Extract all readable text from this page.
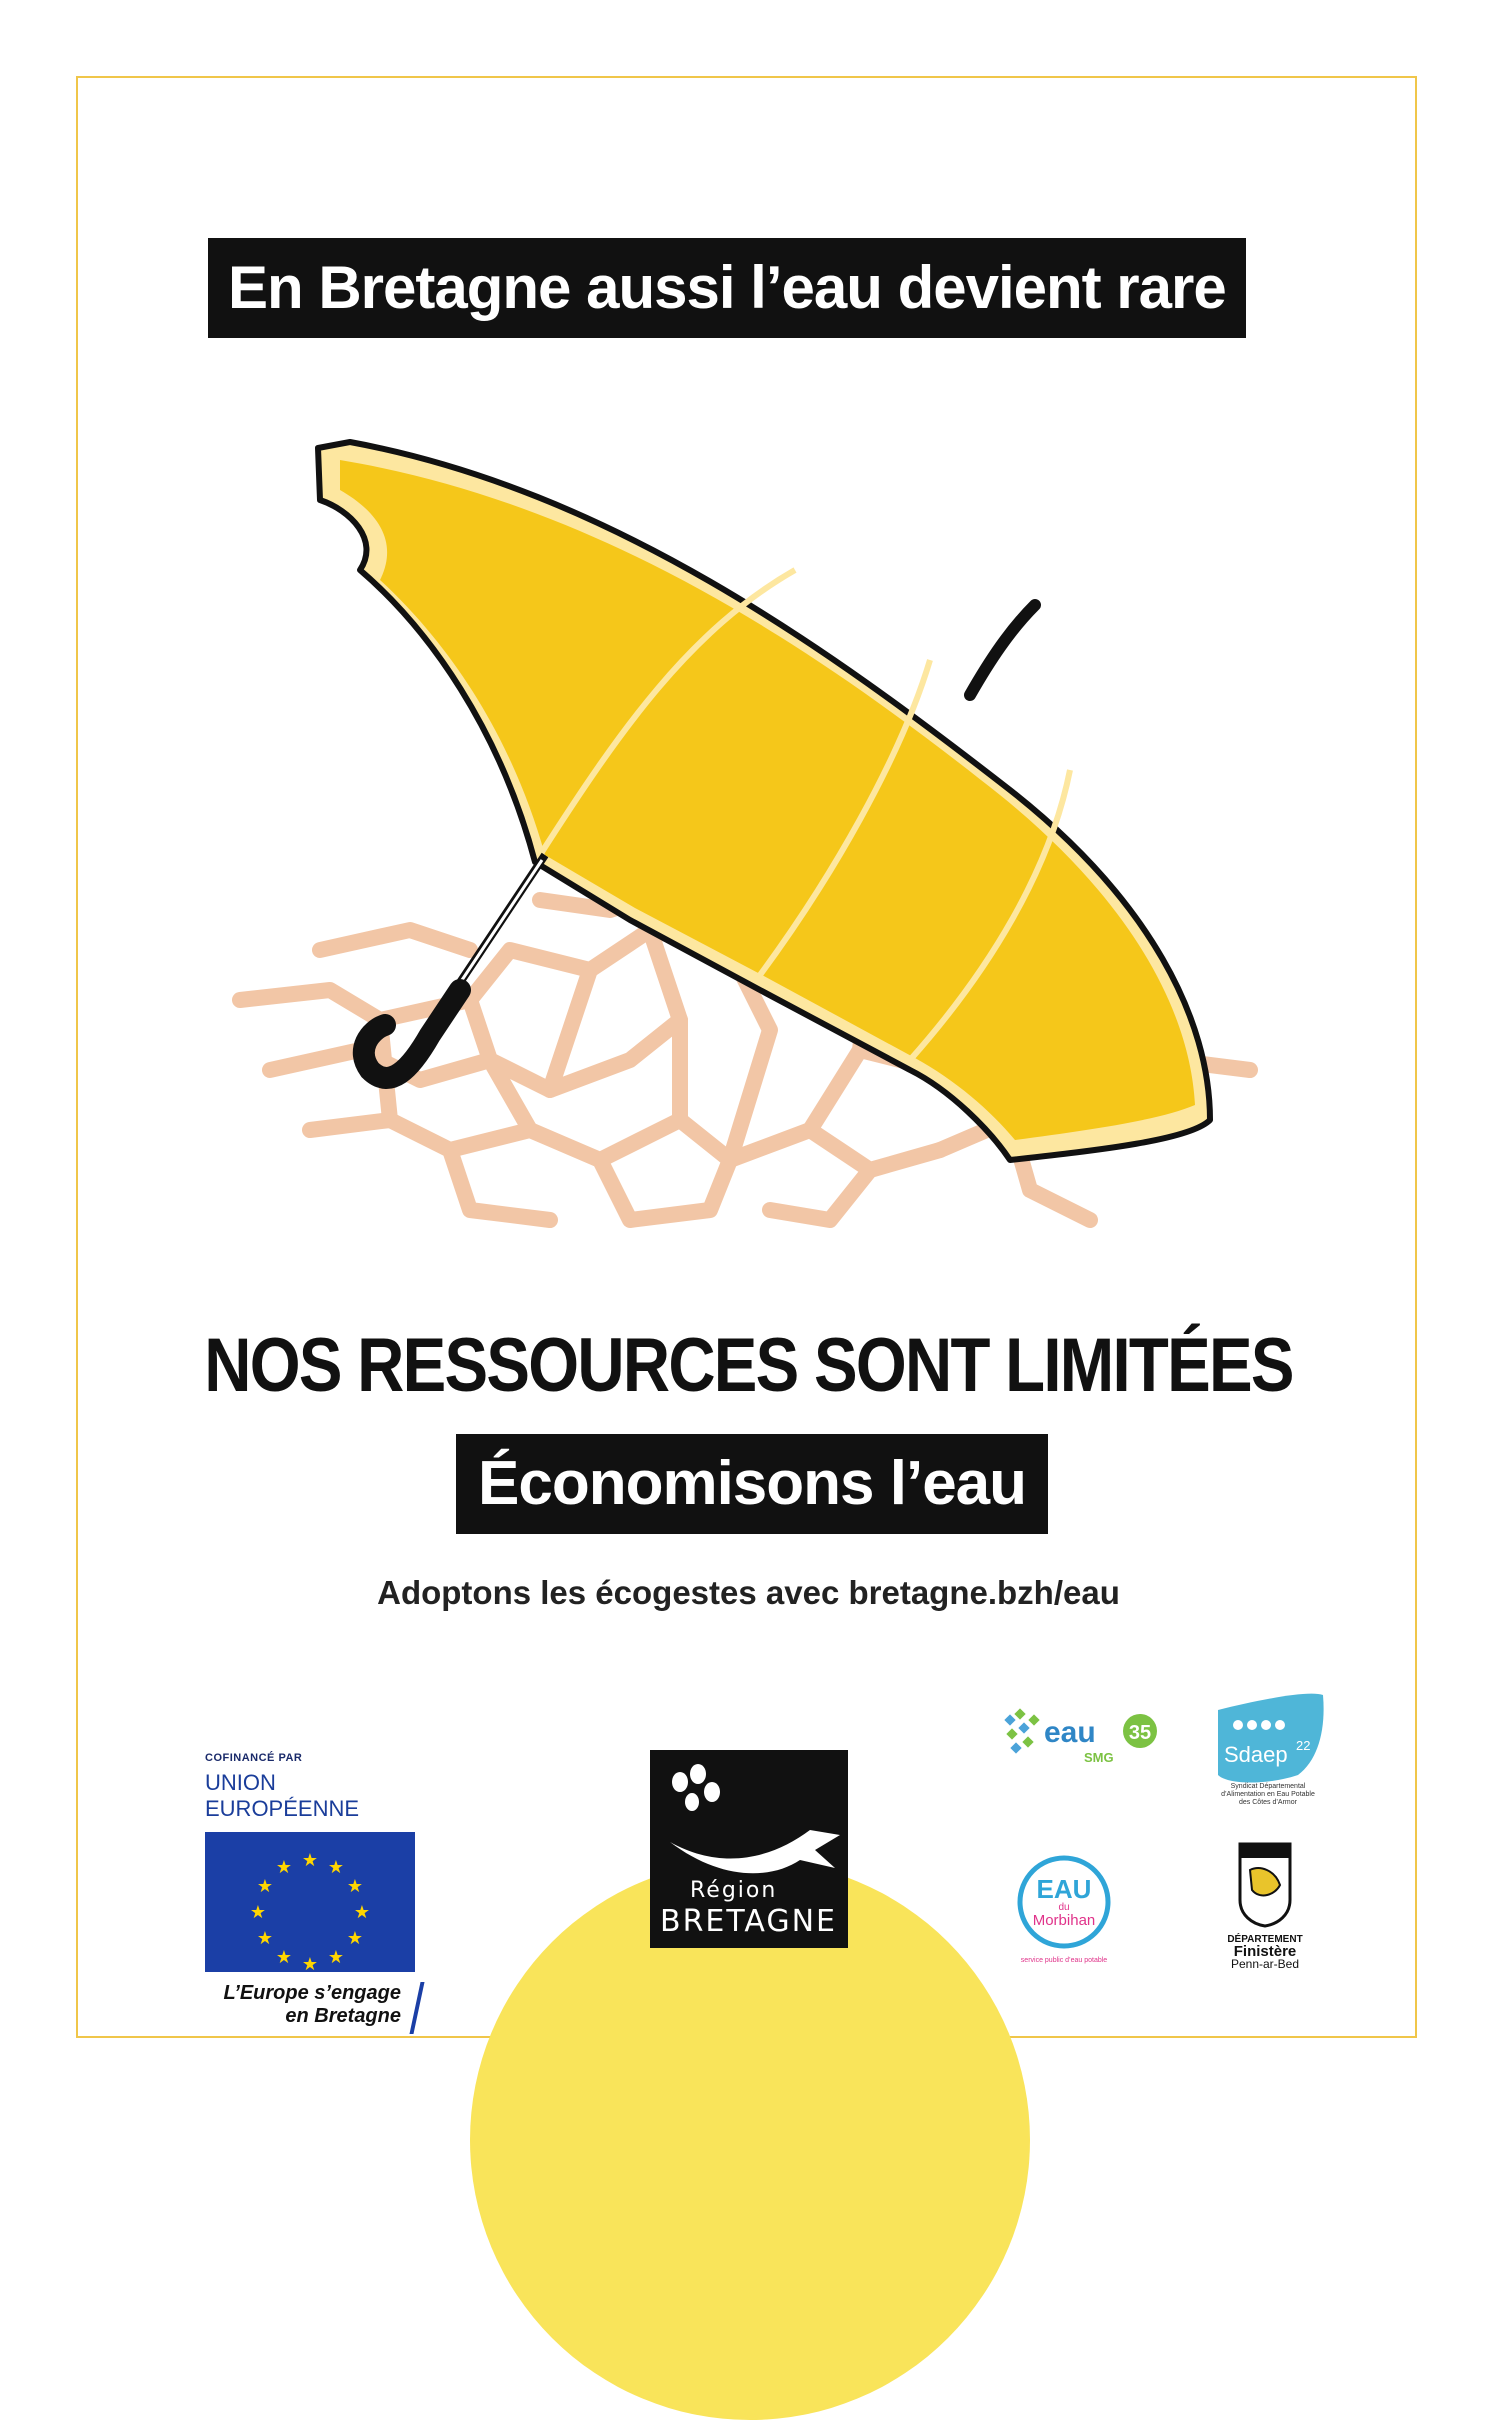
En Bretagne aussi l’eau devient rare
NOS RESSOURCES SONT LIMITÉES
Économisons l’eau
Adoptons les écogestes avec bretagne.bzh/eau
COFINANCÉ PAR
UNION EUROPÉENNE
★ ★
★
★
★
★
★
★
★
★
★
★
L’Europe s’engage
en Bretagne
Région
BRETAGNE
eau 35
SMG	Sdaep 22
Syndicat Départemental
d’Alimentation en Eau Potable
des Côtes d’Armor
EAU
du
Morbihan
service public d’eau potable
DÉPARTEMENT
Finistère
Penn-ar-Bed
